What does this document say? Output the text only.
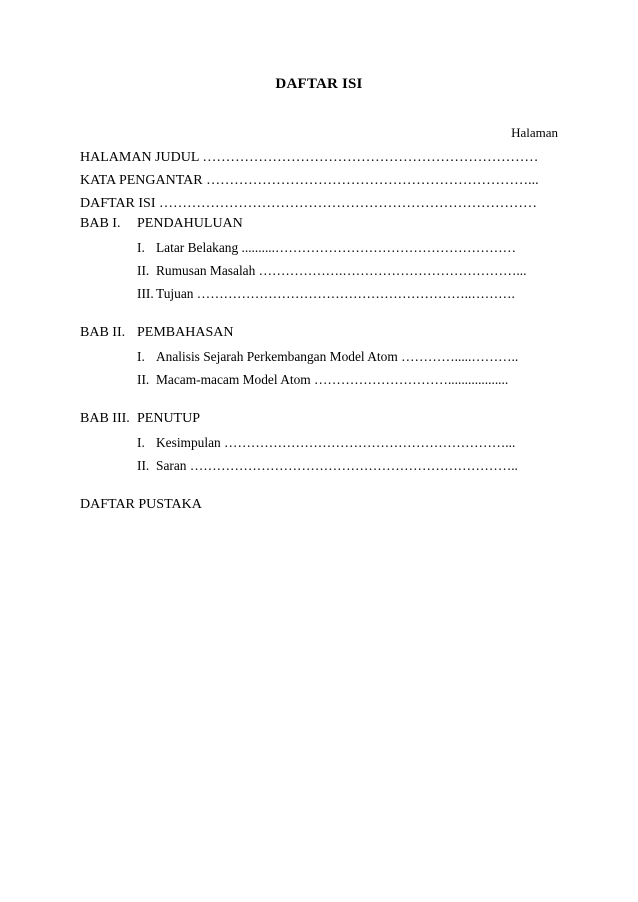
DAFTAR ISI
Halaman
HALAMAN JUDUL ………………………………………………………………
KATA PENGANTAR ……………………………………………………………...
DAFTAR ISI ………………………………………………………………………
BAB I. PENDAHULUAN
I. Latar Belakang ..........………………………………………………
II. Rumusan Masalah ……………….…………………………………...
III. Tujuan ……………………………………………………..……….
BAB II. PEMBAHASAN
I. Analisis Sejarah Perkembangan Model Atom ………….....………..
II. Macam-macam Model Atom …………………………..................
BAB III. PENUTUP
I. Kesimpulan ………………………………………………………...
II. Saran ………………………………………………………………..
DAFTAR PUSTAKA
